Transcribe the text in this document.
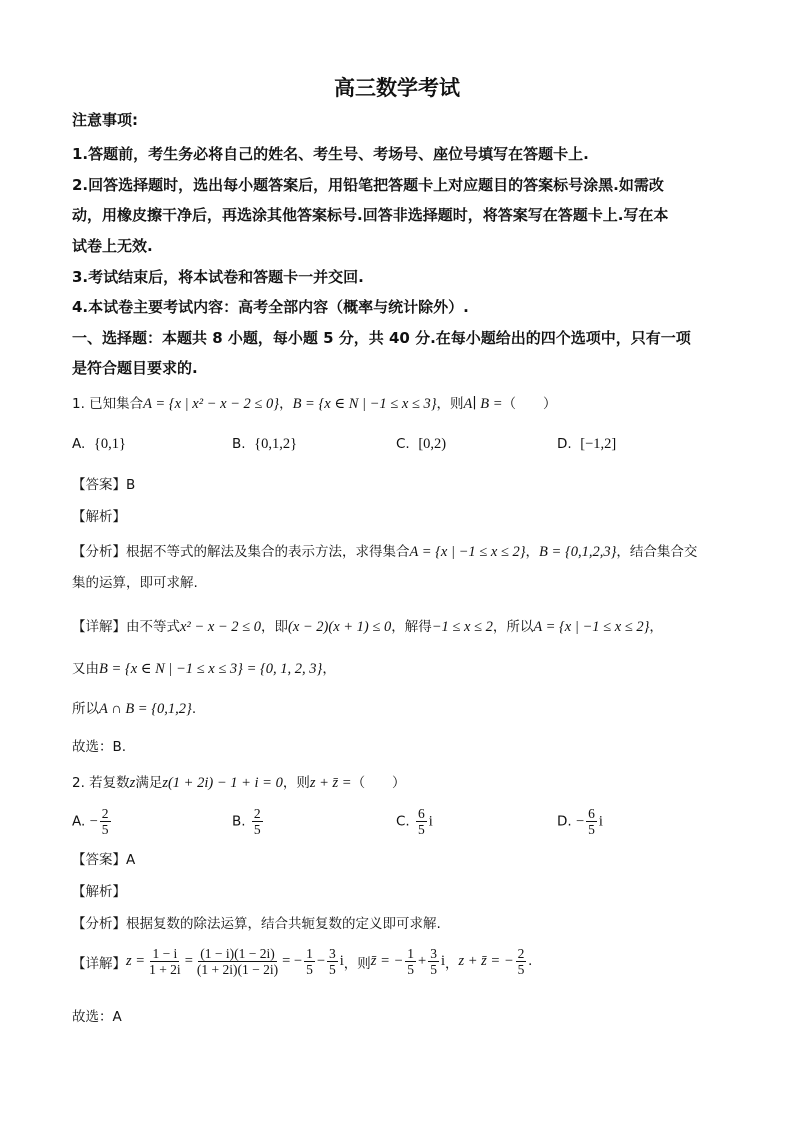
高三数学考试
注意事项:
1.答题前，考生务必将自己的姓名、考生号、考场号、座位号填写在答题卡上.
2.回答选择题时，选出每小题答案后，用铅笔把答题卡上对应题目的答案标号涂黑.如需改
动，用橡皮擦干净后，再选涂其他答案标号.回答非选择题时，将答案写在答题卡上.写在本
试卷上无效.
3.考试结束后，将本试卷和答题卡一并交回.
4.本试卷主要考试内容：高考全部内容（概率与统计除外）.
一、选择题：本题共 8 小题，每小题 5 分，共 40 分.在每小题给出的四个选项中，只有一项
是符合题目要求的.
1. 已知集合A = {x | x² − x − 2 ≤ 0}，B = {x ∈ N | −1 ≤ x ≤ 3}，则A∣ B =（　　）
A. {0,1}	B. {0,1,2}	C. [0,2)	D. [−1,2]
【答案】B
【解析】
【分析】根据不等式的解法及集合的表示方法，求得集合A = {x | −1 ≤ x ≤ 2}，B = {0,1,2,3}，结合集合交
集的运算，即可求解.
【详解】由不等式x² − x − 2 ≤ 0，即(x − 2)(x + 1) ≤ 0，解得−1 ≤ x ≤ 2，所以A = {x | −1 ≤ x ≤ 2}，
又由B = {x ∈ N | −1 ≤ x ≤ 3} = {0, 1, 2, 3}，
所以A ∩ B = {0,1,2}.
故选：B.
2. 若复数z满足z(1 + 2i) − 1 + i = 0，则z + z̄ =（　　）
A. − $\frac{2}{5}$	B. $\frac{2}{5}$	C. $\frac{6}{5}$ i	D. − $\frac{6}{5}$ i
【答案】A
【解析】
【分析】根据复数的除法运算，结合共轭复数的定义即可求解.
【详解】 $z = \frac{1 - i}{1 + 2i} = \frac{(1 - i)(1 - 2i)}{(1 + 2i)(1 - 2i)}$ = − $\frac{1}{5} - \frac{3}{5}$ i ，则 z̄ = − $\frac{1}{5} + \frac{3}{5}$ i ， z + z̄ = − $\frac{2}{5}$ .
故选：A
